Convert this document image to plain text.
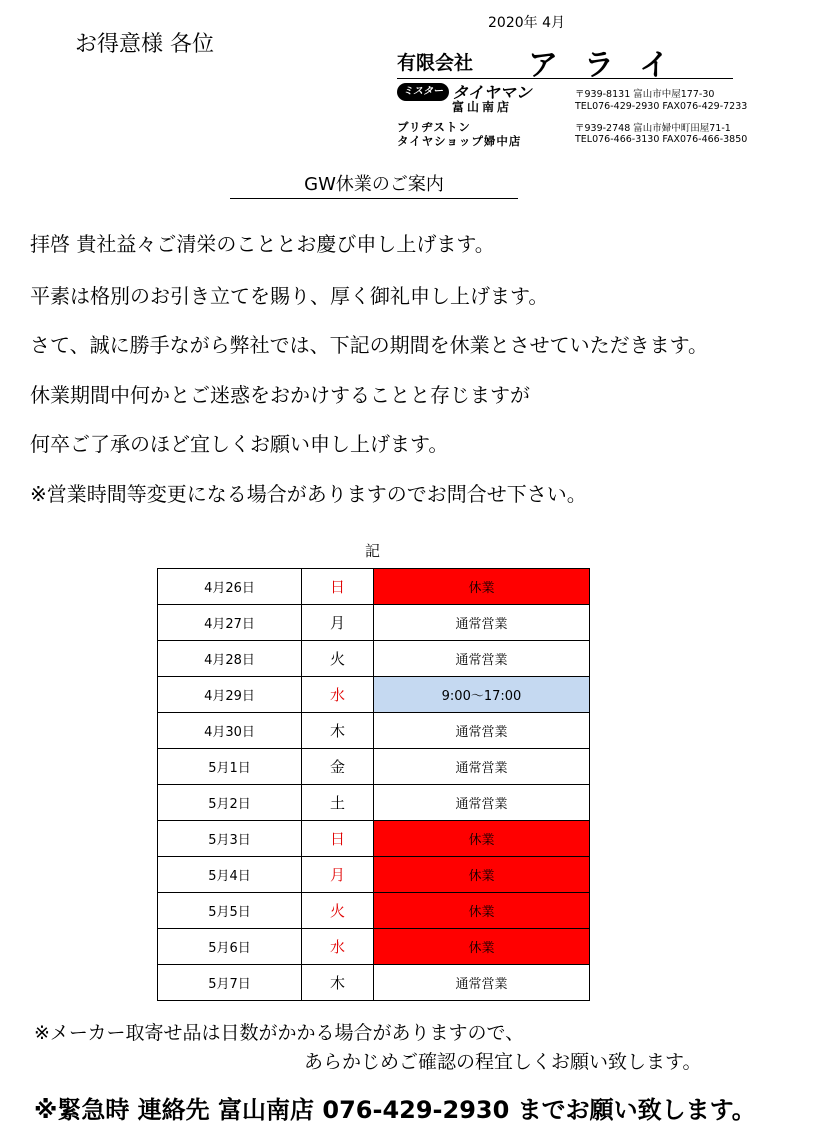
お得意様 各位
2020年 4月
有限会社 アライ
ミスター タイヤマン
富山南店
〒939-8131 富山市中屋177-30
TEL076-429-2930 FAX076-429-7233
ブリヂストン
タイヤショップ婦中店
〒939-2748 富山市婦中町田屋71-1
TEL076-466-3130 FAX076-466-3850
GW休業のご案内
拝啓 貴社益々ご清栄のこととお慶び申し上げます。
平素は格別のお引き立てを賜り、厚く御礼申し上げます。
さて、誠に勝手ながら弊社では、下記の期間を休業とさせていただきます。
休業期間中何かとご迷惑をおかけすることと存じますが
何卒ご了承のほど宜しくお願い申し上げます。
※営業時間等変更になる場合がありますのでお問合せ下さい。
記
4月26日	日	休業
4月27日	月	通常営業
4月28日	火	通常営業
4月29日	水	9:00～17:00
4月30日	木	通常営業
5月1日	金	通常営業
5月2日	土	通常営業
5月3日	日	休業
5月4日	月	休業
5月5日	火	休業
5月6日	水	休業
5月7日	木	通常営業
※メーカー取寄せ品は日数がかかる場合がありますので、
あらかじめご確認の程宜しくお願い致します。
※緊急時 連絡先 富山南店 076-429-2930 までお願い致します。
